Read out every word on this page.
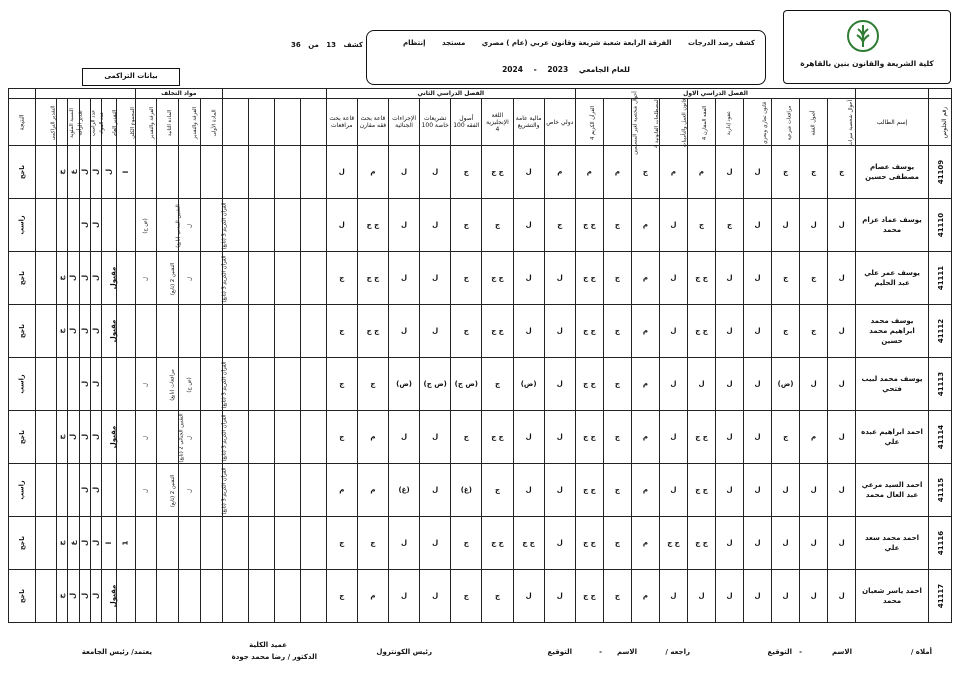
كلية الشريعة والقانون بنين بالقاهرة
كشف رصد الدرجات الفرقة الرابعة شعبة شريعة وقانون عربي (عام ) مصري مستجد إنتظام
للعام الجامعي 2023 - 2024
كشف 13 من 36
بيانات التراكمى
								مواد التخلف								الفصل الدراسي الثاني								الفصل الدراسي الاول											
النتيجة	التقدير التراكمى	النسبة المئوية	تقدير الرأفة	عدد الراسب	عدد المواد	التقدير العام	المجموع الكلي	الفرقة والتقدير	المادة الثانية	الفرقة والتقدير	المادة الأولى					قاعة بحث مرافعات	قاعة بحث فقه مقارن	الإجراءات الجنائية	تشريعات خاصة 100	أصول الفقه 100	اللغة الإنجليزية 4	مالية عامة والتشريع	دولي خاص	القرآن الكريم 4	أحوال شخصية لغير المسلمين	المصطلحات القانونية 4	قانون العمل والتأمينات	الفقه المقارن 4	عقود إدارية	قانون تجاري وبحري	مرافعات شرعية	أصول الفقه	أحوال شخصية ميراث	إسم الطالب	رقم الجلوس
ناجح		ج	ع	ل	ل	ل	ا									ل	م	ل	ل	ج	ج ج	ل	م	م	م	ج	م	م	ل	ل	ج	ج	ج	يوسف عصام مصطفى حسين	41109
راسب				ل	ل			(ض ج)	التقنين المدني (تابع)	ل	القرآن الكريم 3 (تابع)					ل	ج ج	ل	ل	ج	ج	ل	ج	ج ج	ج	م	ل	ج	ج	ل	ل	ل	ل	يوسف عماد عزام محمد	41110
ناجح		ج	ل	ل	ل	مقبول		ل	التقنين 2 (تابع)	ل	القرآن الكريم 3 (تابع)					ج	ج ج	ل	ل	ج	ج ج	ل	ل	ج ج	ج	م	ل	ج ج	ل	ل	ج	ج	ل	يوسف عمر علي عبد الحليم	41111
ناجح		ج	ل	ل	ل	مقبول										ج	ج ج	ل	ل	ج	ج ج	ل	ل	ج ج	ج	م	ل	ج ج	ل	ل	ج	ج	ل	يوسف محمد ابراهيم محمد حسين	41112
راسب				ل	ل			ل	مرافعات (تابع)	(ض ج)	القرآن الكريم 3 (تابع)					ج	ج	(ض)	(ض ج)	(ض ج)	ج	(ض)	ل	ج ج	ج	م	ل	ل	ل	ل	(ض)	ل	ل	يوسف محمد لبيب فتحي	41113
ناجح		ج	ل	ل	ل	مقبول		ل	التقنين الجنائي 2 (تابع)	ل	القرآن الكريم 3 (تابع)					ج	م	ل	ل	ج	ج ج	ل	ل	ج ج	ج	م	ل	ج ج	ل	ل	ج	م	ل	احمد ابراهيم عبده علي	41114
راسب				ل	ل			ل	التقنين 2 (تابع)	ل	القرآن الكريم 3 (تابع)					م	م	(غ)	ل	(غ)	ج	ل	ل	ج ج	ج	م	ل	ج ج	ل	ل	ل	ل	ل	احمد السيد مرعي عبد العال محمد	41115
ناجح		ج	ع	ل	ل	ا	1									ج	ج	ل	ل	ج	ج ج	ج ج	ل	ج ج	ج	م	ج ج	ج ج	ل	ل	ل	ل	ل	احمد محمد سعد علي	41116
ناجح		ج	ل	ل	ل	مقبول										ج	م	ل	ل	ج	ج	ل	ل	ج ج	ج	م	ل	ل	ل	ل	ل	ل	ل	احمد ياسر شعبان محمد	41117
أملاه /
الاسم
-
التوقيع
راجعه /
الاسم
-
التوقيع
رئيس الكونترول
عميد الكلية
الدكتور / رضا محمد جودة
يعتمد/ رئيس الجامعة
